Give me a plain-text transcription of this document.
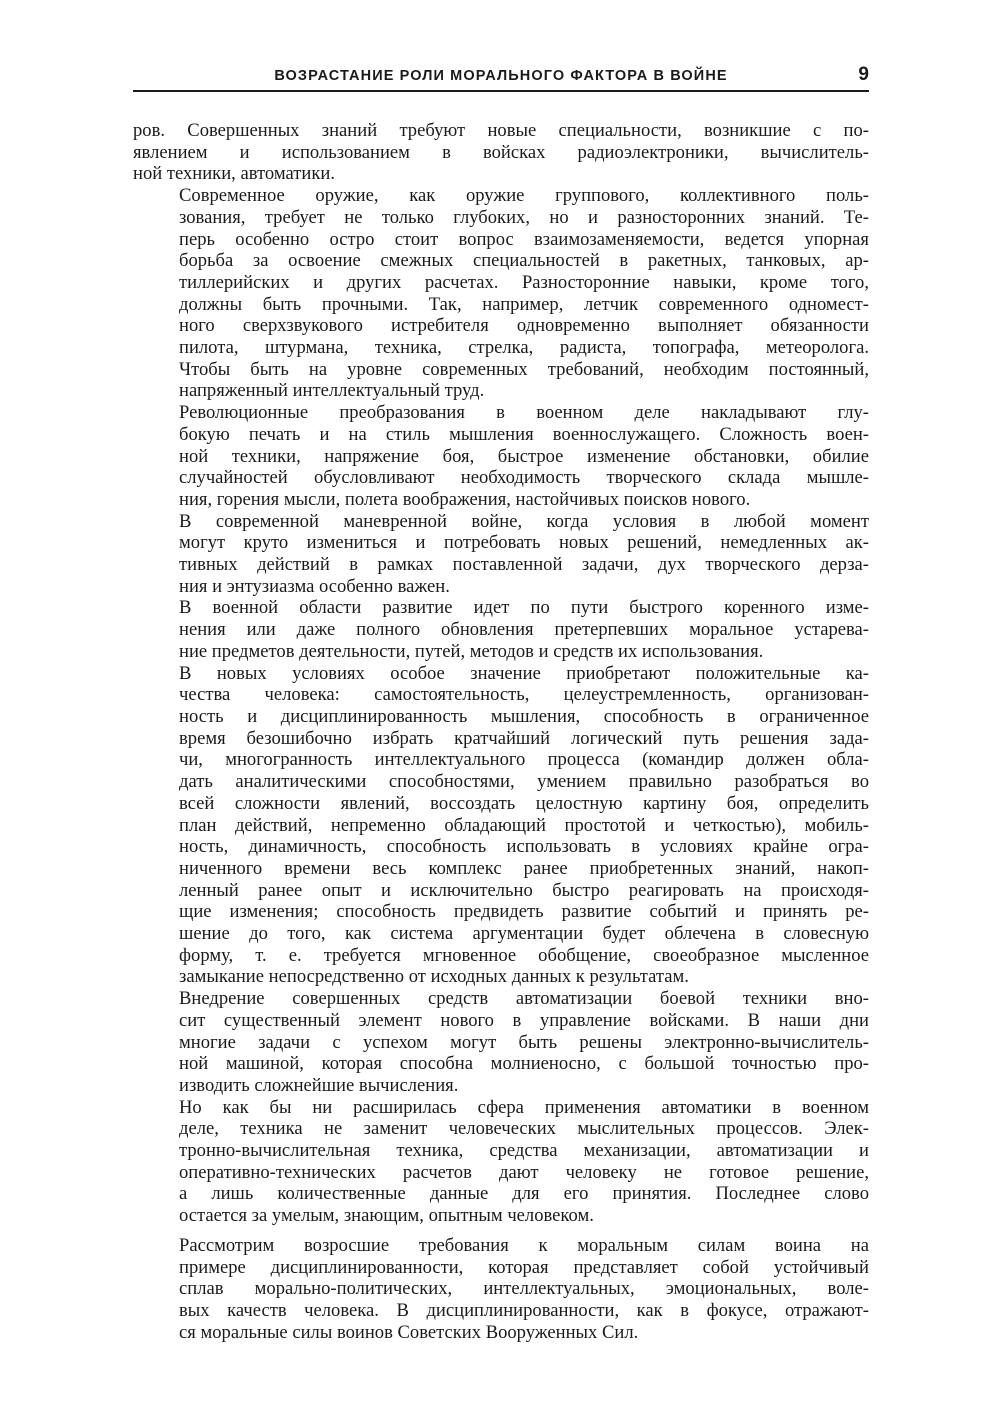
ВОЗРАСТАНИЕ РОЛИ МОРАЛЬНОГО ФАКТОРА В ВОЙНЕ	9
ров. Совершенных знаний требуют новые специальности, возникшие с по-
явлением и использованием в войсках радиоэлектроники, вычислитель-
ной техники, автоматики.
Современное оружие, как оружие группового, коллективного поль-
зования, требует не только глубоких, но и разносторонних знаний. Те-
перь особенно остро стоит вопрос взаимозаменяемости, ведется упорная
борьба за освоение смежных специальностей в ракетных, танковых, ар-
тиллерийских и других расчетах. Разносторонние навыки, кроме того,
должны быть прочными. Так, например, летчик современного одномест-
ного сверхзвукового истребителя одновременно выполняет обязанности
пилота, штурмана, техника, стрелка, радиста, топографа, метеоролога.
Чтобы быть на уровне современных требований, необходим постоянный,
напряженный интеллектуальный труд.
Революционные преобразования в военном деле накладывают глу-
бокую печать и на стиль мышления военнослужащего. Сложность воен-
ной техники, напряжение боя, быстрое изменение обстановки, обилие
случайностей обусловливают необходимость творческого склада мышле-
ния, горения мысли, полета воображения, настойчивых поисков нового.
В современной маневренной войне, когда условия в любой момент
могут круто измениться и потребовать новых решений, немедленных ак-
тивных действий в рамках поставленной задачи, дух творческого дерза-
ния и энтузиазма особенно важен.
В военной области развитие идет по пути быстрого коренного изме-
нения или даже полного обновления претерпевших моральное устарева-
ние предметов деятельности, путей, методов и средств их использования.
В новых условиях особое значение приобретают положительные ка-
чества человека: самостоятельность, целеустремленность, организован-
ность и дисциплинированность мышления, способность в ограниченное
время безошибочно избрать кратчайший логический путь решения зада-
чи, многогранность интеллектуального процесса (командир должен обла-
дать аналитическими способностями, умением правильно разобраться во
всей сложности явлений, воссоздать целостную картину боя, определить
план действий, непременно обладающий простотой и четкостью), мобиль-
ность, динамичность, способность использовать в условиях крайне огра-
ниченного времени весь комплекс ранее приобретенных знаний, накоп-
ленный ранее опыт и исключительно быстро реагировать на происходя-
щие изменения; способность предвидеть развитие событий и принять ре-
шение до того, как система аргументации будет облечена в словесную
форму, т. е. требуется мгновенное обобщение, своеобразное мысленное
замыкание непосредственно от исходных данных к результатам.
Внедрение совершенных средств автоматизации боевой техники вно-
сит существенный элемент нового в управление войсками. В наши дни
многие задачи с успехом могут быть решены электронно-вычислитель-
ной машиной, которая способна молниеносно, с большой точностью про-
изводить сложнейшие вычисления.
Но как бы ни расширилась сфера применения автоматики в военном
деле, техника не заменит человеческих мыслительных процессов. Элек-
тронно-вычислительная техника, средства механизации, автоматизации и
оперативно-технических расчетов дают человеку не готовое решение,
а лишь количественные данные для его принятия. Последнее слово
остается за умелым, знающим, опытным человеком.
Рассмотрим возросшие требования к моральным силам воина на
примере дисциплинированности, которая представляет собой устойчивый
сплав морально-политических, интеллектуальных, эмоциональных, воле-
вых качеств человека. В дисциплинированности, как в фокусе, отражают-
ся моральные силы воинов Советских Вооруженных Сил.
